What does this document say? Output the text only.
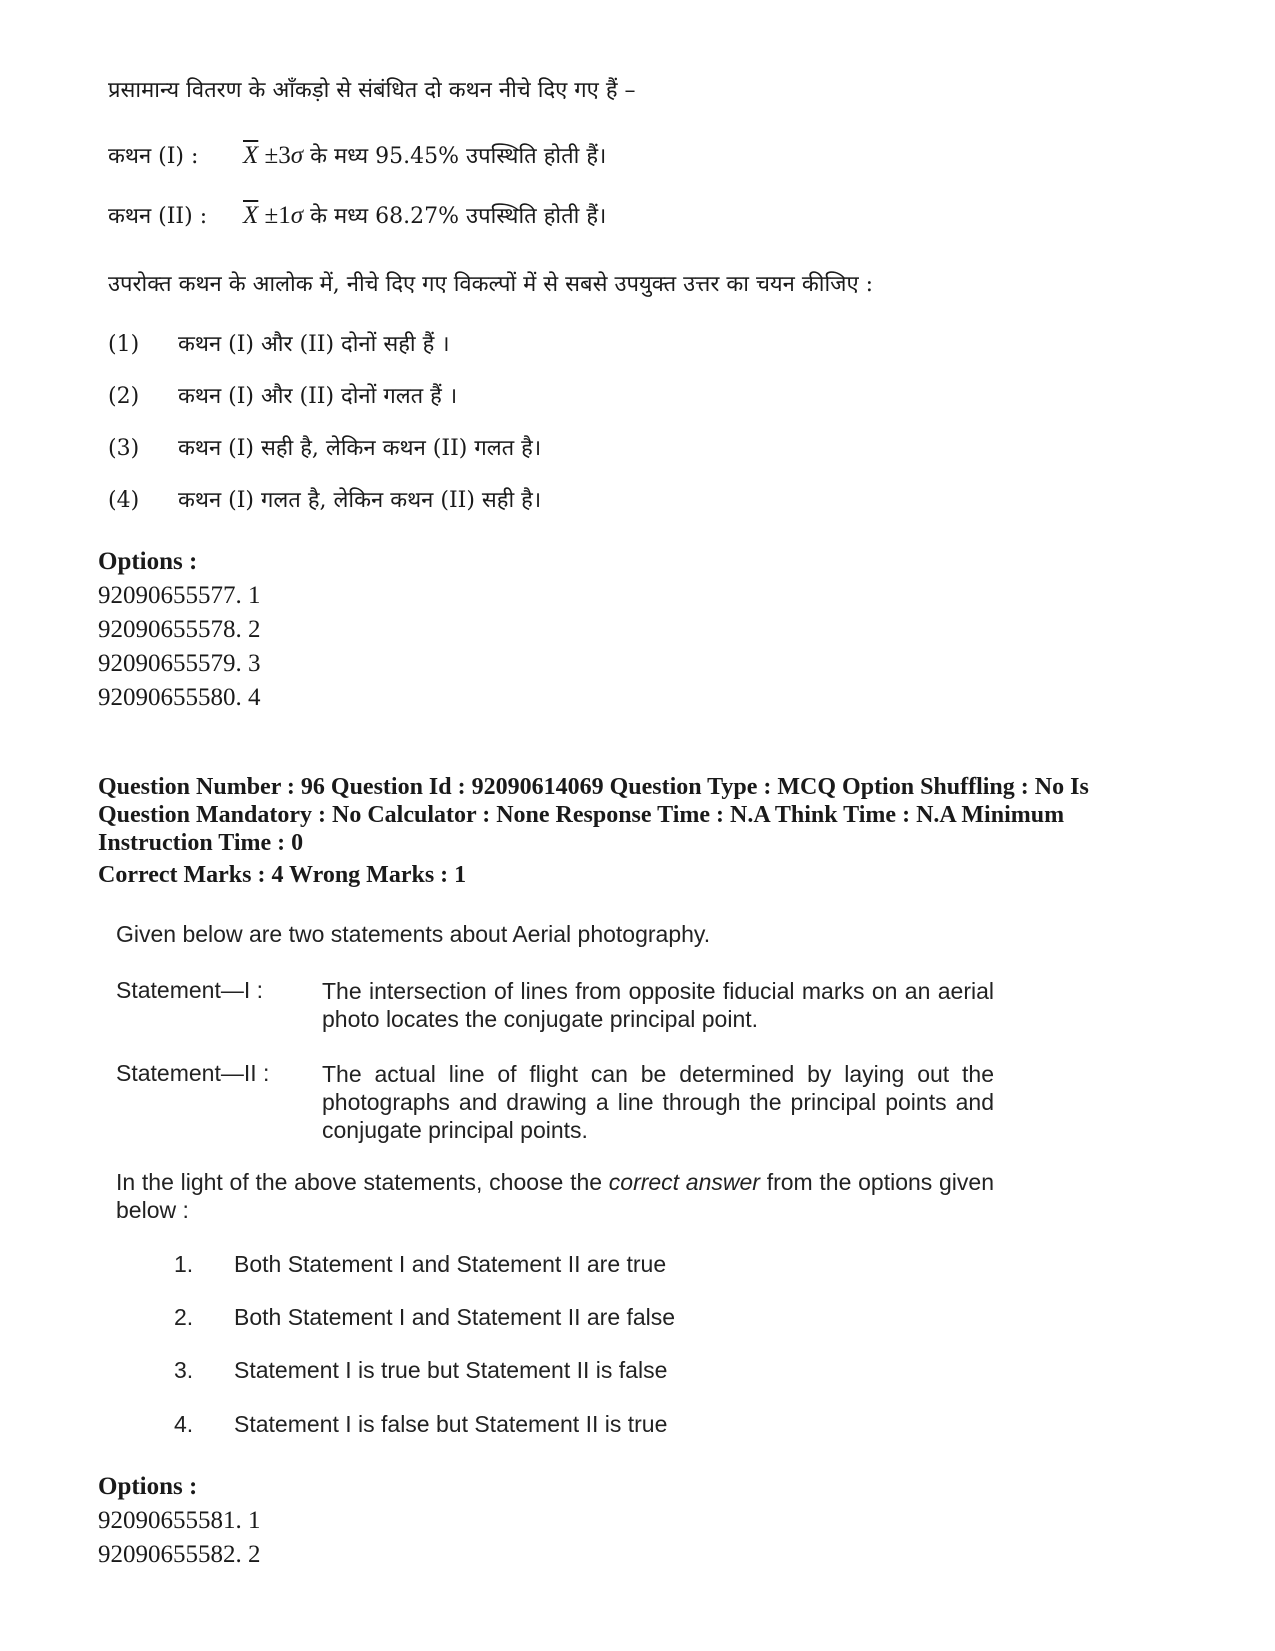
प्रसामान्य वितरण के आँकड़ो से संबंधित दो कथन नीचे दिए गए हैं –
कथन (I) : $\overline{X} \pm 3\sigma$ के मध्य 95.45% उपस्थिति होती हैं।
कथन (II) : $\overline{X} \pm 1\sigma$ के मध्य 68.27% उपस्थिति होती हैं।
उपरोक्त कथन के आलोक में, नीचे दिए गए विकल्पों में से सबसे उपयुक्त उत्तर का चयन कीजिए :
(1) कथन (I) और (II) दोनों सही हैं ।
(2) कथन (I) और (II) दोनों गलत हैं ।
(3) कथन (I) सही है, लेकिन कथन (II) गलत है।
(4) कथन (I) गलत है, लेकिन कथन (II) सही है।
Options :
92090655577. 1
92090655578. 2
92090655579. 3
92090655580. 4
Question Number : 96 Question Id : 92090614069 Question Type : MCQ Option Shuffling : No Is Question Mandatory : No Calculator : None Response Time : N.A Think Time : N.A Minimum Instruction Time : 0
Correct Marks : 4 Wrong Marks : 1
Given below are two statements about Aerial photography.
Statement—I :	The intersection of lines from opposite fiducial marks on an aerial photo locates the conjugate principal point.
Statement—II : The actual line of flight can be determined by laying out the photographs and drawing a line through the principal points and conjugate principal points.
In the light of the above statements, choose the correct answer from the options given below :
1. Both Statement I and Statement II are true
2. Both Statement I and Statement II are false
3. Statement I is true but Statement II is false
4. Statement I is false but Statement II is true
Options :
92090655581. 1
92090655582. 2
